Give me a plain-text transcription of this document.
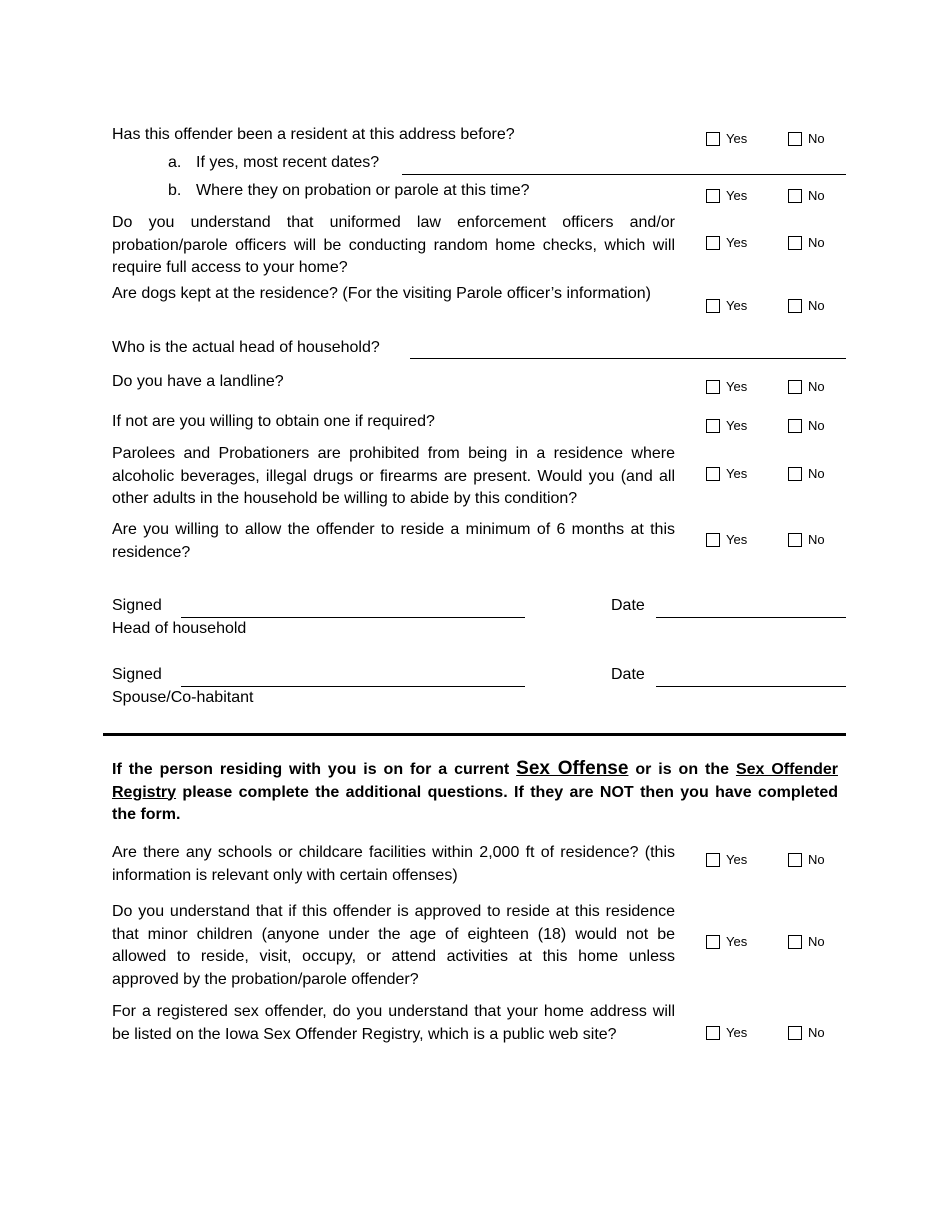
Has this offender been a resident at this address before?	Yes	No
a. If yes, most recent dates?
b. Where they on probation or parole at this time?	Yes	No
Do you understand that uniformed law enforcement officers and/or probation/parole officers will be conducting random home checks, which will require full access to your home?
Yes	No
Are dogs kept at the residence? (For the visiting Parole officer’s information)
Yes	No
Who is the actual head of household?
Do you have a landline?	Yes	No
If not are you willing to obtain one if required?	Yes	No
Parolees and Probationers are prohibited from being in a residence where alcoholic beverages, illegal drugs or firearms are present. Would you (and all other adults in the household be willing to abide by this condition?
Yes	No
Are you willing to allow the offender to reside a minimum of 6 months at this residence?
Yes	No
Signed	Date
Head of household
Signed	Date
Spouse/Co-habitant
If the person residing with you is on for a current Sex Offense or is on the Sex Offender Registry please complete the additional questions. If they are NOT then you have completed the form.
Are there any schools or childcare facilities within 2,000 ft of residence? (this information is relevant only with certain offenses)
Yes	No
Do you understand that if this offender is approved to reside at this residence that minor children (anyone under the age of eighteen (18) would not be allowed to reside, visit, occupy, or attend activities at this home unless approved by the probation/parole offender?
Yes	No
For a registered sex offender, do you understand that your home address will be listed on the Iowa Sex Offender Registry, which is a public web site?	Yes	No
